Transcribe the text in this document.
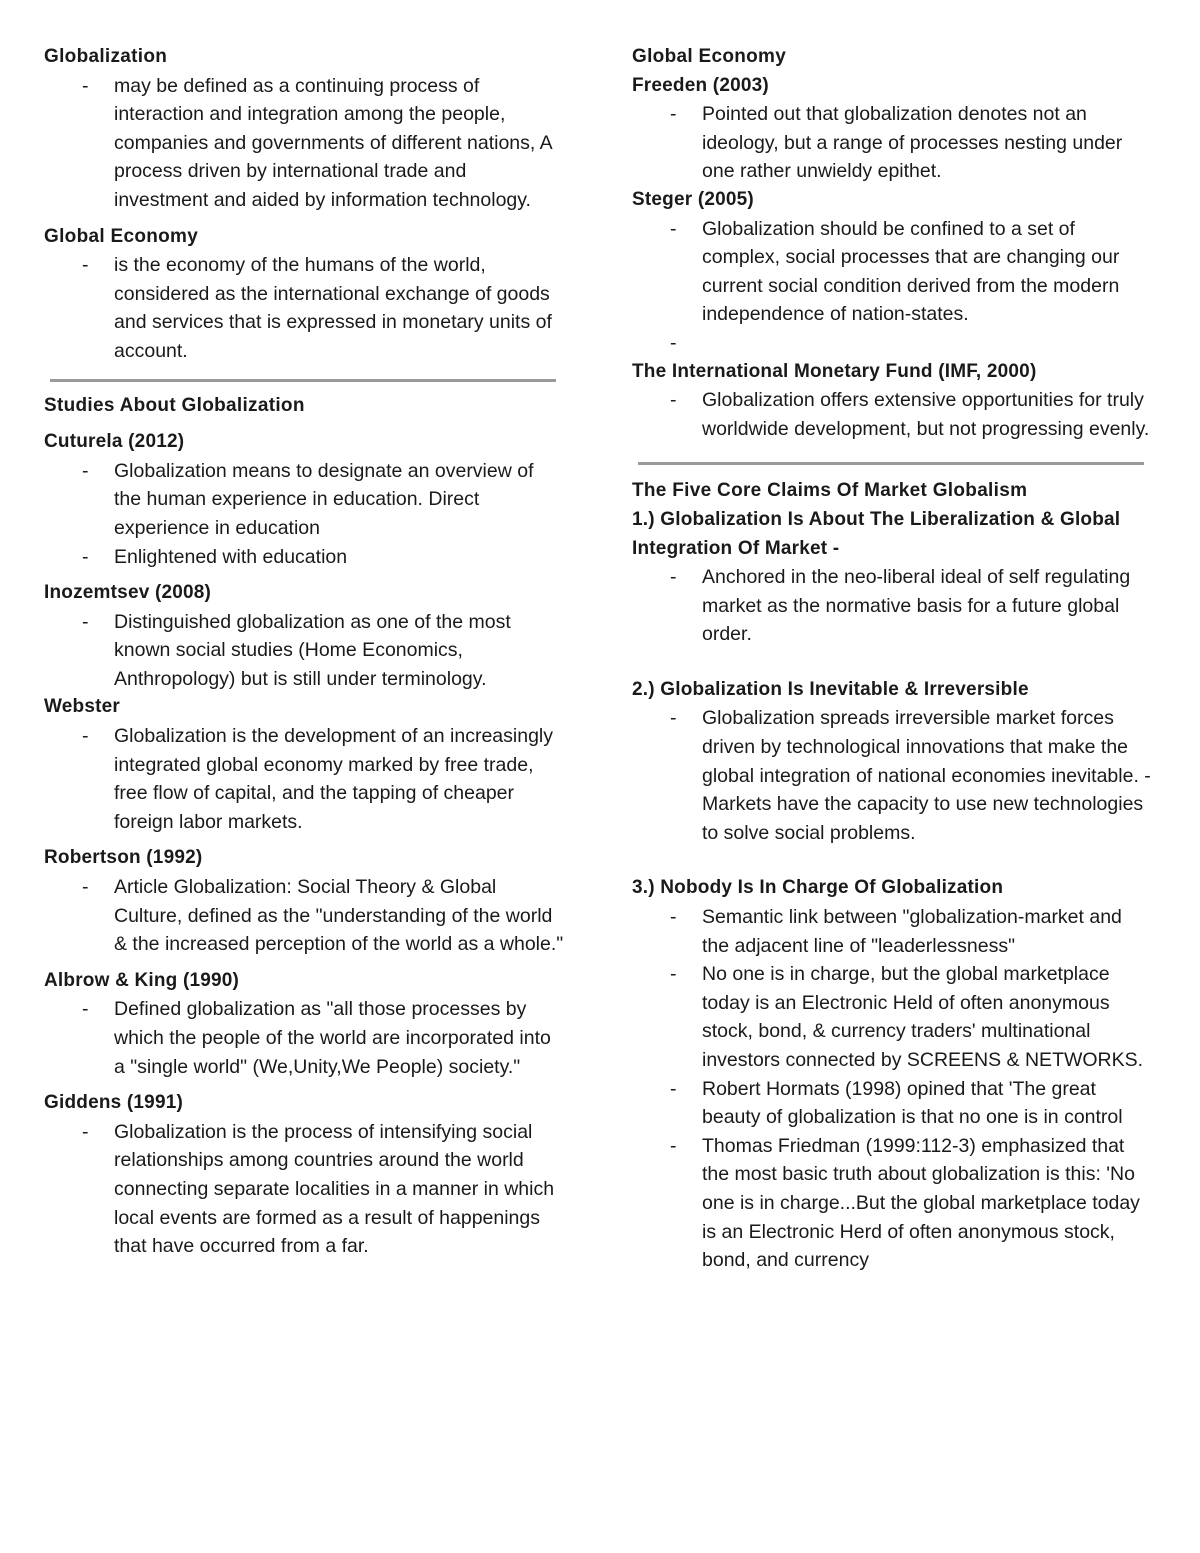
Globalization

- may be defined as a continuing process of interaction and integration among the people, companies and governments of different nations, A process driven by international trade and investment and aided by information technology.

Global Economy

- is the economy of the humans of the world, considered as the international exchange of goods and services that is expressed in monetary units of account.

Studies About Globalization

Cuturela (2012)

- Globalization means to designate an overview of the human experience in education. Direct experience in education
- Enlightened with education

Inozemtsev (2008)

- Distinguished globalization as one of the most known social studies (Home Economics, Anthropology) but is still under terminology.

Webster

- Globalization is the development of an increasingly integrated global economy marked by free trade, free flow of capital, and the tapping of cheaper foreign labor markets.

Robertson (1992)

- Article Globalization: Social Theory & Global Culture, defined as the "understanding of the world & the increased perception of the world as a whole."

Albrow & King (1990)

- Defined globalization as "all those processes by which the people of the world are incorporated into a "single world" (We,Unity,We People) society."

Giddens (1991)

- Globalization is the process of intensifying social relationships among countries around the world connecting separate localities in a manner in which local events are formed as a result of happenings that have occurred from a far.

Global Economy

Freeden (2003)

- Pointed out that globalization denotes not an ideology, but a range of processes nesting under one rather unwieldy epithet.

Steger (2005)

- Globalization should be confined to a set of complex, social processes that are changing our current social condition derived from the modern independence of nation-states.
-

The International Monetary Fund (IMF, 2000)

- Globalization offers extensive opportunities for truly worldwide development, but not progressing evenly.

The Five Core Claims Of Market Globalism

1.) Globalization Is About The Liberalization & Global Integration Of Market -

- Anchored in the neo-liberal ideal of self regulating market as the normative basis for a future global order.

2.) Globalization Is Inevitable & Irreversible

- Globalization spreads irreversible market forces driven by technological innovations that make the global integration of national economies inevitable. -Markets have the capacity to use new technologies to solve social problems.

3.) Nobody Is In Charge Of Globalization

- Semantic link between "globalization-market and the adjacent line of "leaderlessness"
- No one is in charge, but the global marketplace today is an Electronic Held of often anonymous stock, bond, & currency traders' multinational investors connected by SCREENS & NETWORKS.
- Robert Hormats (1998) opined that 'The great beauty of globalization is that no one is in control
- Thomas Friedman (1999:112-3) emphasized that the most basic truth about globalization is this: 'No one is in charge...But the global marketplace today is an Electronic Herd of often anonymous stock, bond, and currency
